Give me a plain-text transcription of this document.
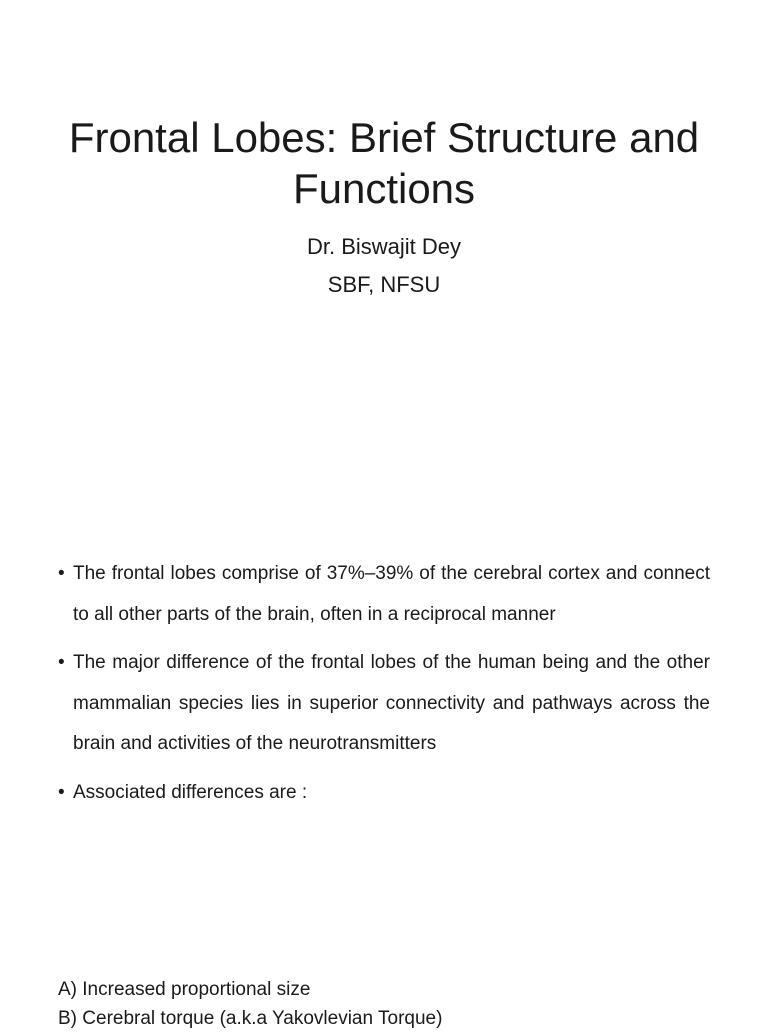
Frontal Lobes: Brief Structure and Functions
Dr. Biswajit Dey
SBF, NFSU
• The frontal lobes comprise of 37%–39% of the cerebral cortex and connect to all other parts of the brain, often in a reciprocal manner
• The major difference of the frontal lobes of the human being and the other mammalian species lies in superior connectivity and pathways across the brain and activities of the neurotransmitters
• Associated differences are :
A) Increased proportional size
B) Cerebral torque (a.k.a Yakovlevian Torque)
